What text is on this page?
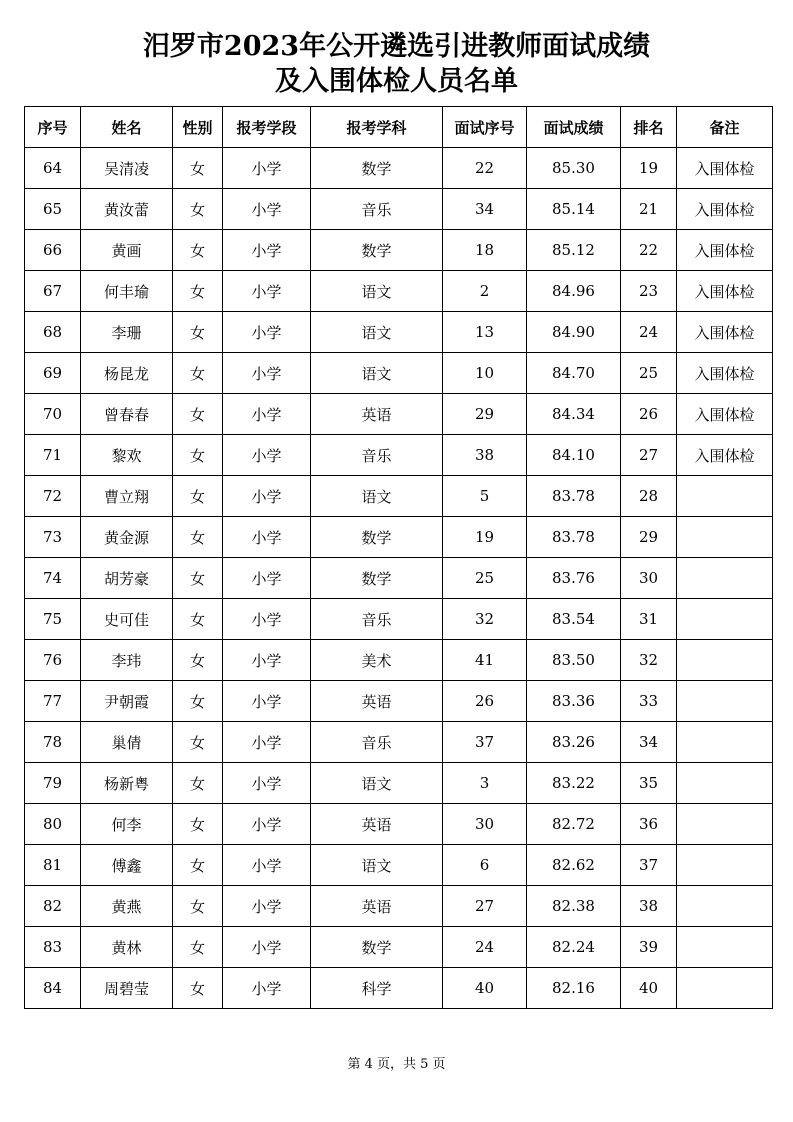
汨罗市2023年公开遴选引进教师面试成绩
及入围体检人员名单
序号	姓名	性别	报考学段	报考学科	面试序号	面试成绩	排名	备注
64	吴清凌	女	小学	数学	22	85.30	19	入围体检
65	黄汝蕾	女	小学	音乐	34	85.14	21	入围体检
66	黄画	女	小学	数学	18	85.12	22	入围体检
67	何丰瑜	女	小学	语文	2	84.96	23	入围体检
68	李珊	女	小学	语文	13	84.90	24	入围体检
69	杨昆龙	女	小学	语文	10	84.70	25	入围体检
70	曾春春	女	小学	英语	29	84.34	26	入围体检
71	黎欢	女	小学	音乐	38	84.10	27	入围体检
72	曹立翔	女	小学	语文	5	83.78	28	
73	黄金源	女	小学	数学	19	83.78	29	
74	胡芳豪	女	小学	数学	25	83.76	30	
75	史可佳	女	小学	音乐	32	83.54	31	
76	李玮	女	小学	美术	41	83.50	32	
77	尹朝霞	女	小学	英语	26	83.36	33	
78	巢倩	女	小学	音乐	37	83.26	34	
79	杨新粤	女	小学	语文	3	83.22	35	
80	何李	女	小学	英语	30	82.72	36	
81	傅鑫	女	小学	语文	6	82.62	37	
82	黄燕	女	小学	英语	27	82.38	38	
83	黄林	女	小学	数学	24	82.24	39	
84	周碧莹	女	小学	科学	40	82.16	40	
第 4 页，共 5 页
